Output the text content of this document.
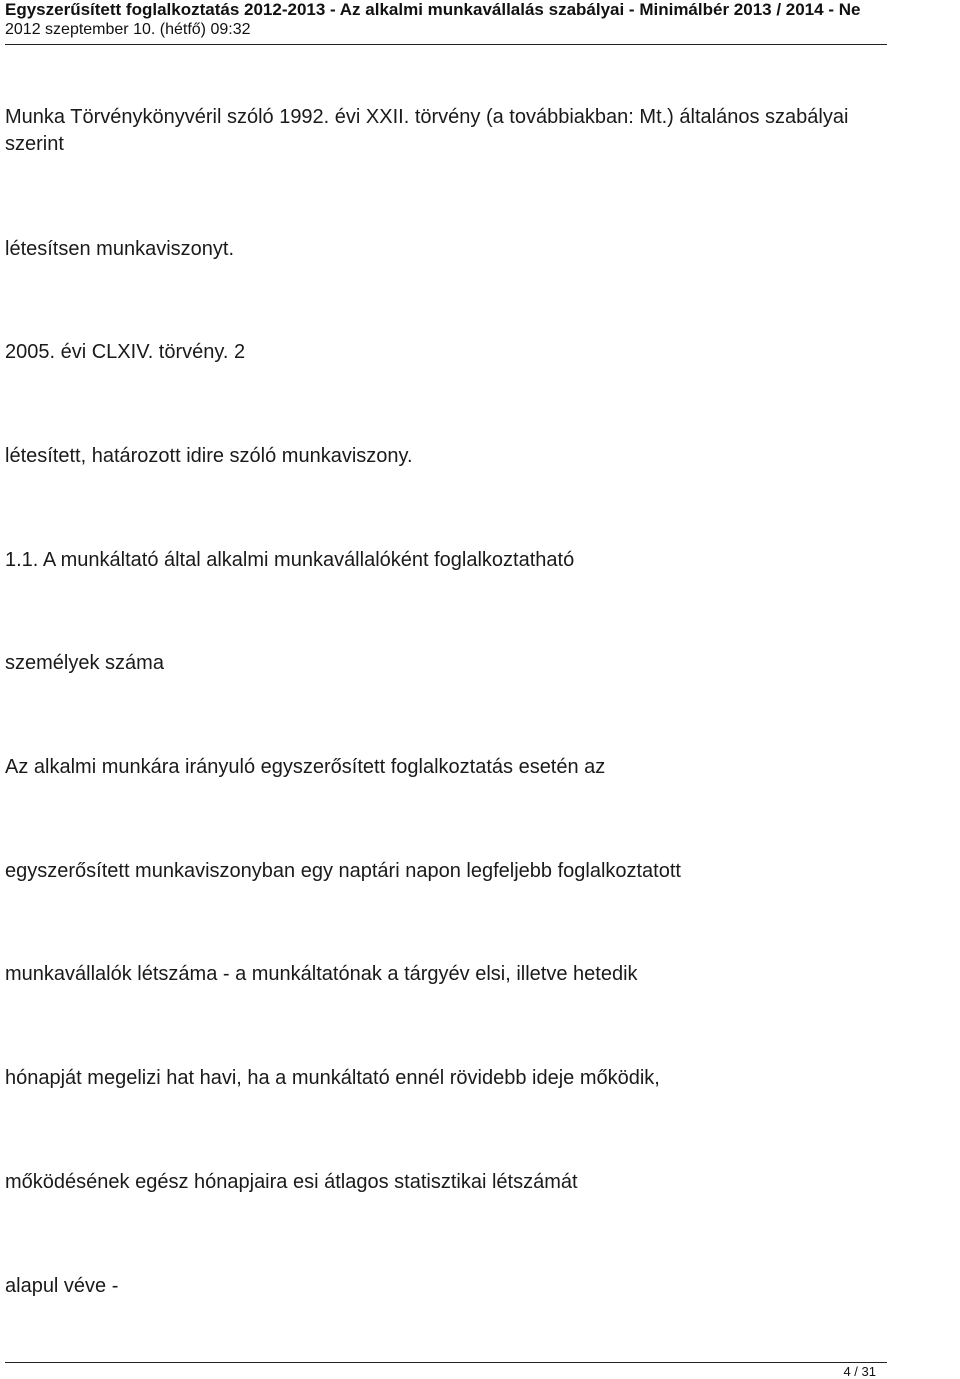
Egyszerűsített foglalkoztatás 2012-2013 - Az alkalmi munkavállalás szabályai - Minimálbér 2013 / 2014 - Ne
2012 szeptember 10. (hétfő) 09:32
Munka Törvénykönyvéril szóló 1992. évi XXII. törvény (a továbbiakban: Mt.) általános szabályai
szerint
létesítsen munkaviszonyt.
2005. évi CLXIV. törvény. 2
létesített, határozott idire szóló munkaviszony.
1.1. A munkáltató által alkalmi munkavállalóként foglalkoztatható
személyek száma
Az alkalmi munkára irányuló egyszerősített foglalkoztatás esetén az
egyszerősített munkaviszonyban egy naptári napon legfeljebb foglalkoztatott
munkavállalók létszáma - a munkáltatónak a tárgyév elsi, illetve hetedik
hónapját megelizi hat havi, ha a munkáltató ennél rövidebb ideje mőködik,
mőködésének egész hónapjaira esi átlagos statisztikai létszámát
alapul véve -
4 / 31
